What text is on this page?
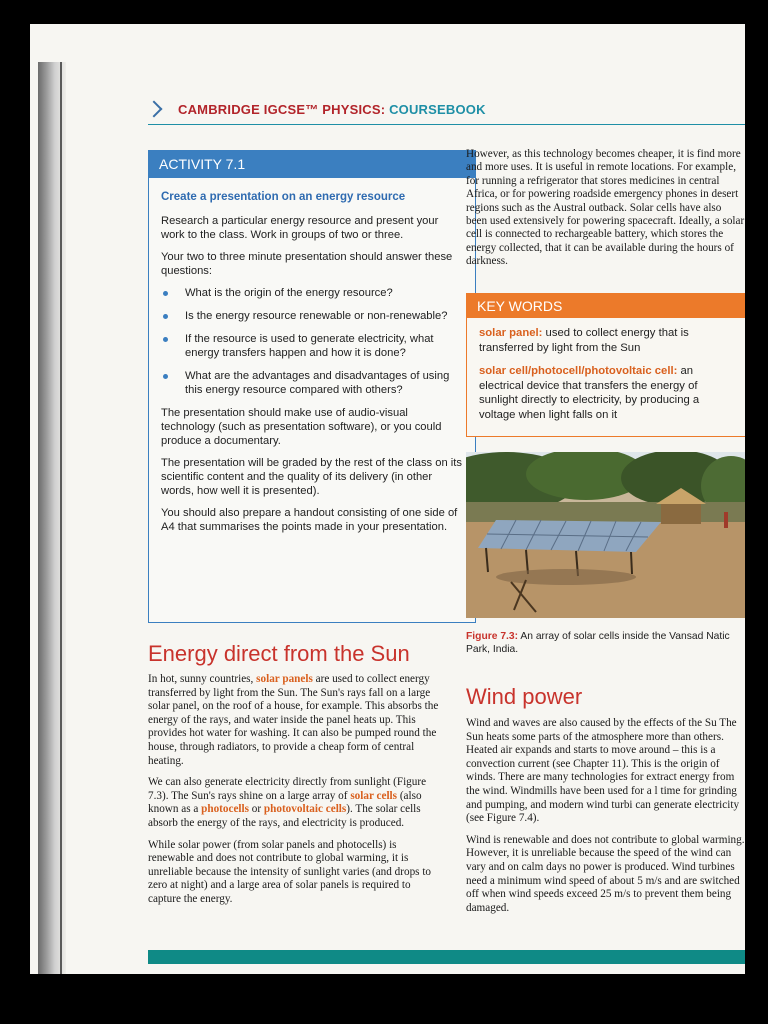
CAMBRIDGE IGCSE™ PHYSICS: COURSEBOOK
ACTIVITY 7.1
Create a presentation on an energy resource

Research a particular energy resource and present your work to the class. Work in groups of two or three.

Your two to three minute presentation should answer these questions:

What is the origin of the energy resource?
Is the energy resource renewable or non-renewable?
If the resource is used to generate electricity, what energy transfers happen and how it is done?
What are the advantages and disadvantages of using this energy resource compared with others?

The presentation should make use of audio-visual technology (such as presentation software), or you could produce a documentary.

The presentation will be graded by the rest of the class on its scientific content and the quality of its delivery (in other words, how well it is presented).

You should also prepare a handout consisting of one side of A4 that summarises the points made in your presentation.

Energy direct from the Sun

In hot, sunny countries, solar panels are used to collect energy transferred by light from the Sun. The Sun's rays fall on a large solar panel, on the roof of a house, for example. This absorbs the energy of the rays, and water inside the panel heats up. This provides hot water for washing. It can also be pumped round the house, through radiators, to provide a cheap form of central heating.

We can also generate electricity directly from sunlight (Figure 7.3). The Sun's rays shine on a large array of solar cells (also known as a photocells or photovoltaic cells). The solar cells absorb the energy of the rays, and electricity is produced.

While solar power (from solar panels and photocells) is renewable and does not contribute to global warming, it is unreliable because the intensity of sunlight varies (and drops to zero at night) and a large area of solar panels is required to capture the energy.

However, as this technology becomes cheaper, it is find more and more uses. It is useful in remote locations. For example, for running a refrigerator that stores medicines in central Africa, or for powering roadside emergency phones in desert regions such as the Austral outback. Solar cells have also been used extensively for powering spacecraft. Ideally, a solar cell is connected to rechargeable battery, which stores the energy collected, that it can be available during the hours of darkness.

KEY WORDS

solar panel: used to collect energy that is transferred by light from the Sun

solar cell/photocell/photovoltaic cell: an electrical device that transfers the energy of sunlight directly to electricity, by producing a voltage when light falls on it

Figure 7.3: An array of solar cells inside the Vansad Natic Park, India.
Wind power

Wind and waves are also caused by the effects of the Su The Sun heats some parts of the atmosphere more than others. Heated air expands and starts to move around – this is a convection current (see Chapter 11). This is the origin of winds. There are many technologies for extract energy from the wind. Windmills have been used for a l time for grinding and pumping, and modern wind turbi can generate electricity (see Figure 7.4).

Wind is renewable and does not contribute to global warming. However, it is unreliable because the speed of the wind can vary and on calm days no power is produced. Wind turbines need a minimum wind speed of about 5 m/s and are switched off when wind speeds exceed 25 m/s to prevent them being damaged.
